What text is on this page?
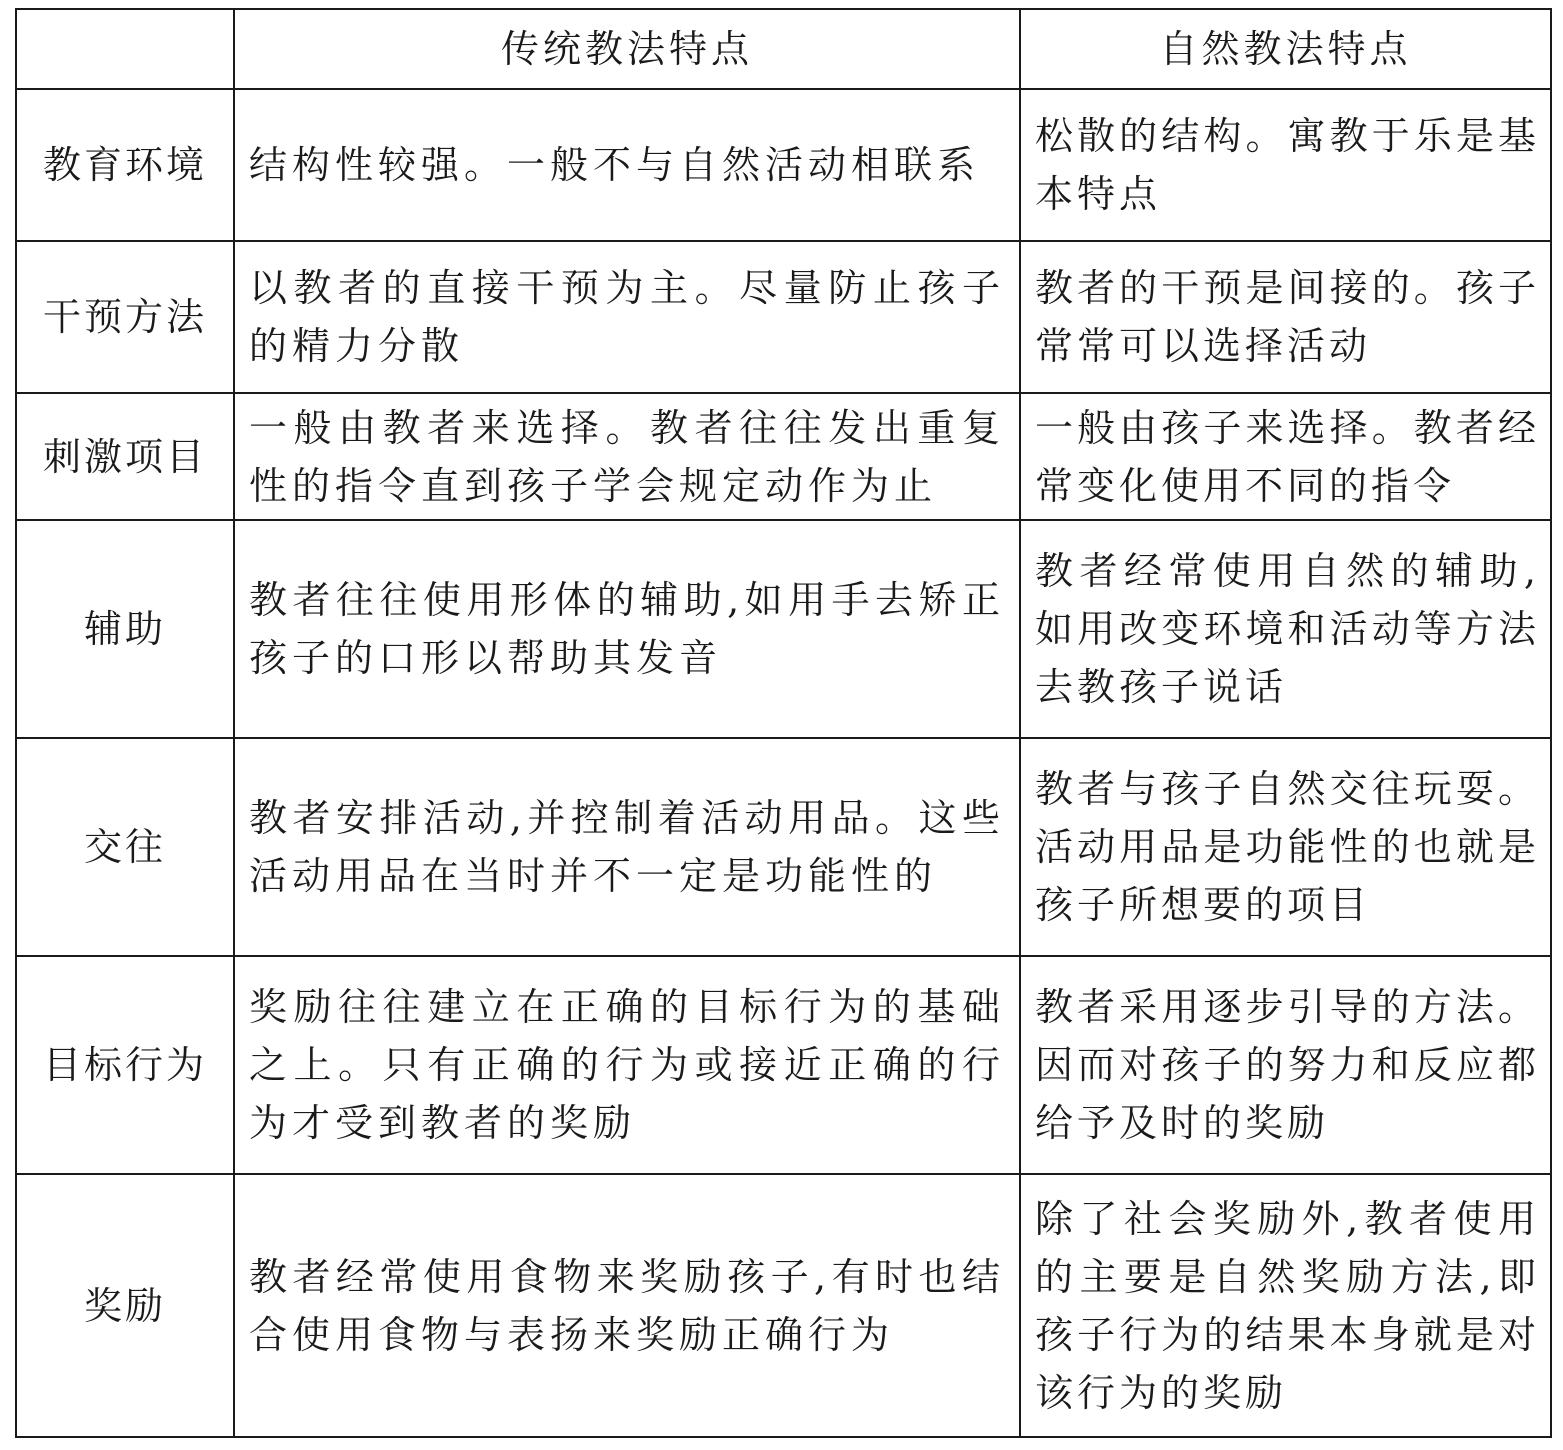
	传统教法特点	自然教法特点
教育环境	结构性较强。一般不与自然活动相联系	松散的结构。寓教于乐是基本特点

干预方法	以教者的直接干预为主。尽量防止孩子的精力分散	教者的干预是间接的。孩子常常可以选择活动

刺激项目	一般由教者来选择。教者往往发出重复性的指令直到孩子学会规定动作为止	一般由孩子来选择。教者经常变化使用不同的指令

辅助	教者往往使用形体的辅助,如用手去矫正孩子的口形以帮助其发音	教者经常使用自然的辅助,如用改变环境和活动等方法去教孩子说话

交往	教者安排活动,并控制着活动用品。这些活动用品在当时并不一定是功能性的	教者与孩子自然交往玩耍。活动用品是功能性的也就是孩子所想要的项目

目标行为	奖励往往建立在正确的目标行为的基础之上。只有正确的行为或接近正确的行为才受到教者的奖励	教者采用逐步引导的方法。因而对孩子的努力和反应都给予及时的奖励

奖励	教者经常使用食物来奖励孩子,有时也结合使用食物与表扬来奖励正确行为	除了社会奖励外,教者使用的主要是自然奖励方法,即孩子行为的结果本身就是对该行为的奖励
